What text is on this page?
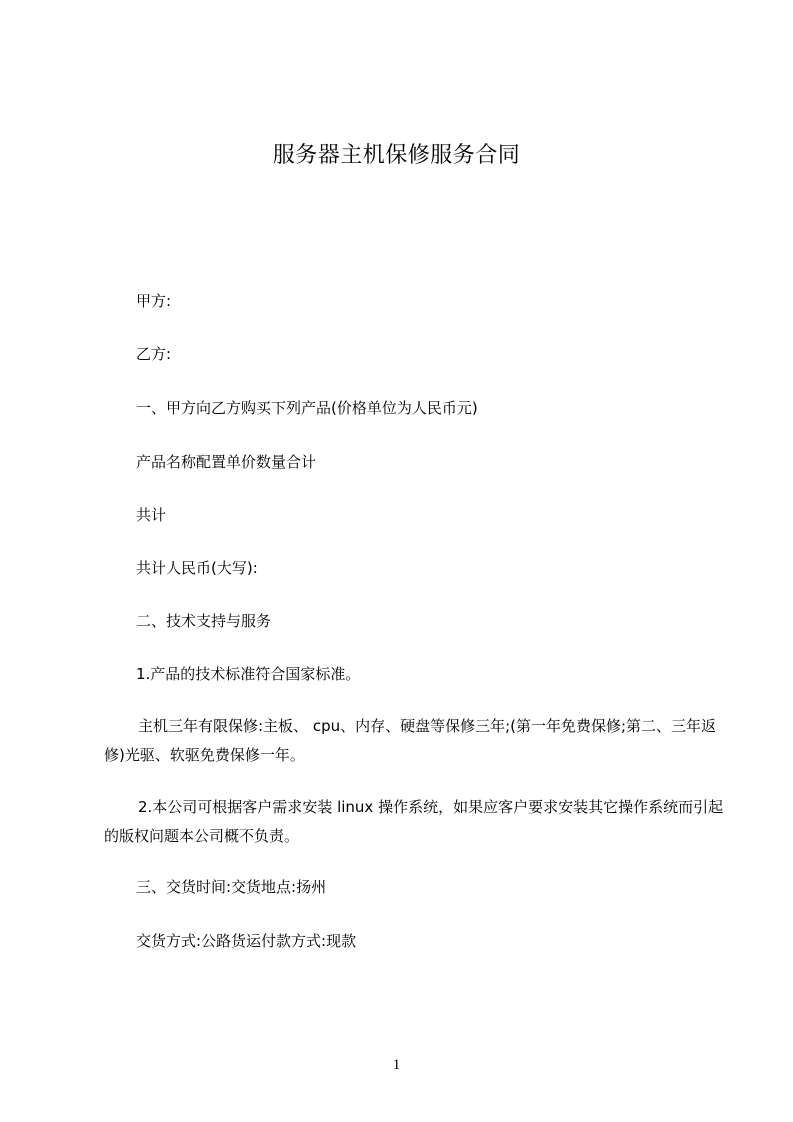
服务器主机保修服务合同
甲方:
乙方:
一、甲方向乙方购买下列产品(价格单位为人民币元)
产品名称配置单价数量合计
共计
共计人民币(大写):
二、技术支持与服务
1.产品的技术标准符合国家标准。
主机三年有限保修:主板、 cpu、内存、硬盘等保修三年;(第一年免费保修;第二、三年返修)光驱、软驱免费保修一年。
2.本公司可根据客户需求安装 linux 操作系统，如果应客户要求安装其它操作系统而引起的版权问题本公司概不负责。
三、交货时间:交货地点:扬州
交货方式:公路货运付款方式:现款
1
